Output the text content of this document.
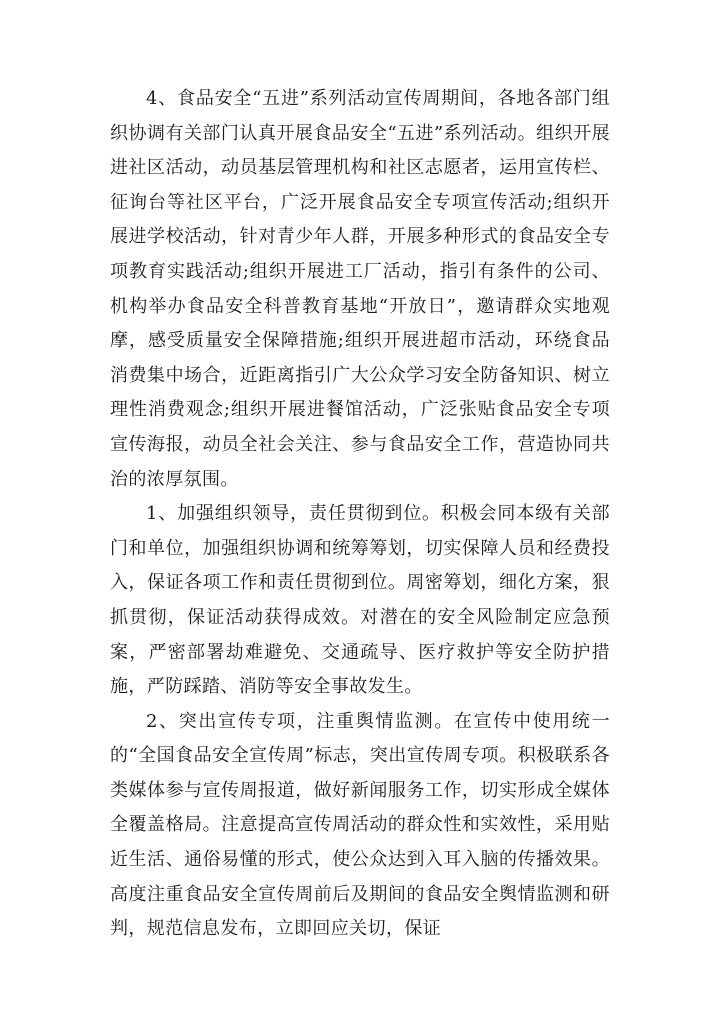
4、食品安全“五进”系列活动宣传周期间，各地各部门组织协调有关部门认真开展食品安全“五进”系列活动。组织开展进社区活动，动员基层管理机构和社区志愿者，运用宣传栏、征询台等社区平台，广泛开展食品安全专项宣传活动;组织开展进学校活动，针对青少年人群，开展多种形式的食品安全专项教育实践活动;组织开展进工厂活动，指引有条件的公司、机构举办食品安全科普教育基地“开放日”，邀请群众实地观摩，感受质量安全保障措施;组织开展进超市活动，环绕食品消费集中场合，近距离指引广大公众学习安全防备知识、树立理性消费观念;组织开展进餐馆活动，广泛张贴食品安全专项宣传海报，动员全社会关注、参与食品安全工作，营造协同共治的浓厚氛围。

1、加强组织领导，责任贯彻到位。积极会同本级有关部门和单位，加强组织协调和统筹筹划，切实保障人员和经费投入，保证各项工作和责任贯彻到位。周密筹划，细化方案，狠抓贯彻，保证活动获得成效。对潜在的安全风险制定应急预案，严密部署劫难避免、交通疏导、医疗救护等安全防护措施，严防踩踏、消防等安全事故发生。

2、突出宣传专项，注重舆情监测。在宣传中使用统一的“全国食品安全宣传周”标志，突出宣传周专项。积极联系各类媒体参与宣传周报道，做好新闻服务工作，切实形成全媒体全覆盖格局。注意提高宣传周活动的群众性和实效性，采用贴近生活、通俗易懂的形式，使公众达到入耳入脑的传播效果。高度注重食品安全宣传周前后及期间的食品安全舆情监测和研判，规范信息发布，立即回应关切，保证
